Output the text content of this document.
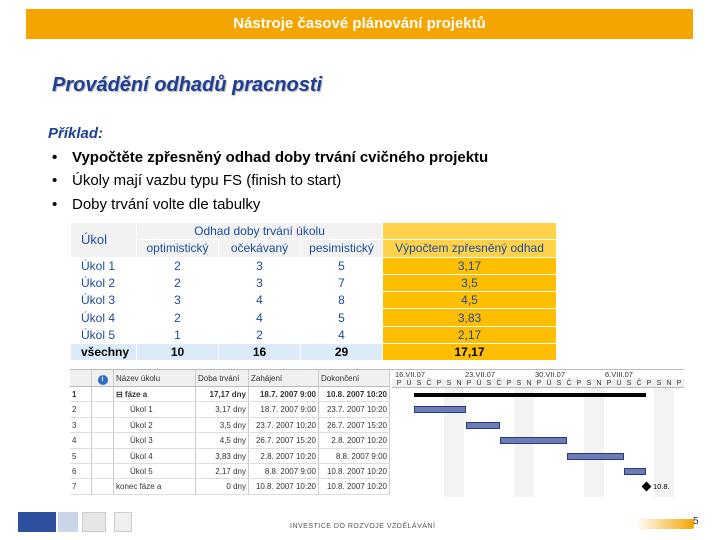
Nástroje časové plánování projektů
Provádění odhadů pracnosti
Příklad:
• Vypočtěte zpřesněný odhad doby trvání cvičného projektu
• Úkoly mají vazbu typu FS (finish to start)
• Doby trvání volte dle tabulky
Úkol	Odhad doby trvání úkolu			
	optimistický	očekávaný	pesimistický	Výpočtem zpřesněný odhad
Úkol 1	2	3	5	3,17
Úkol 2	2	3	7	3,5
Úkol 3	3	4	8	4,5
Úkol 4	2	4	5	3,83
Úkol 5	1	2	4	2,17
všechny	10	16	29	17,17
i	Název úkolu	Doba trvání	Zahájení	Dokončení
1	⊟ fáze a	17,17 dny	18.7. 2007 9:00	10.8. 2007 10:20
2	Úkol 1	3,17 dny	18.7. 2007 9:00	23.7. 2007 10:20
3	Úkol 2	3,5 dny	23.7. 2007 10:20	26.7. 2007 15:20
4	Úkol 3	4,5 dny	26.7. 2007 15:20	2.8. 2007 10:20
5	Úkol 4	3,83 dny	2.8. 2007 10:20	8.8. 2007 9:00
6	Úkol 5	2,17 dny	8.8. 2007 9:00	10.8. 2007 10:20
7	konec fáze a	0 dny	10.8. 2007 10:20	10.8. 2007 10:20
P Ú S Č P S N P Ú S Č P S N P Ú S Č P S N P Ú S Č P S N P
16.VII.07	23.VII.07	30.VII.07	6.VIII.07
10.8.
INVESTICE DO ROZVOJE VZDĚLÁVÁNÍ	5
